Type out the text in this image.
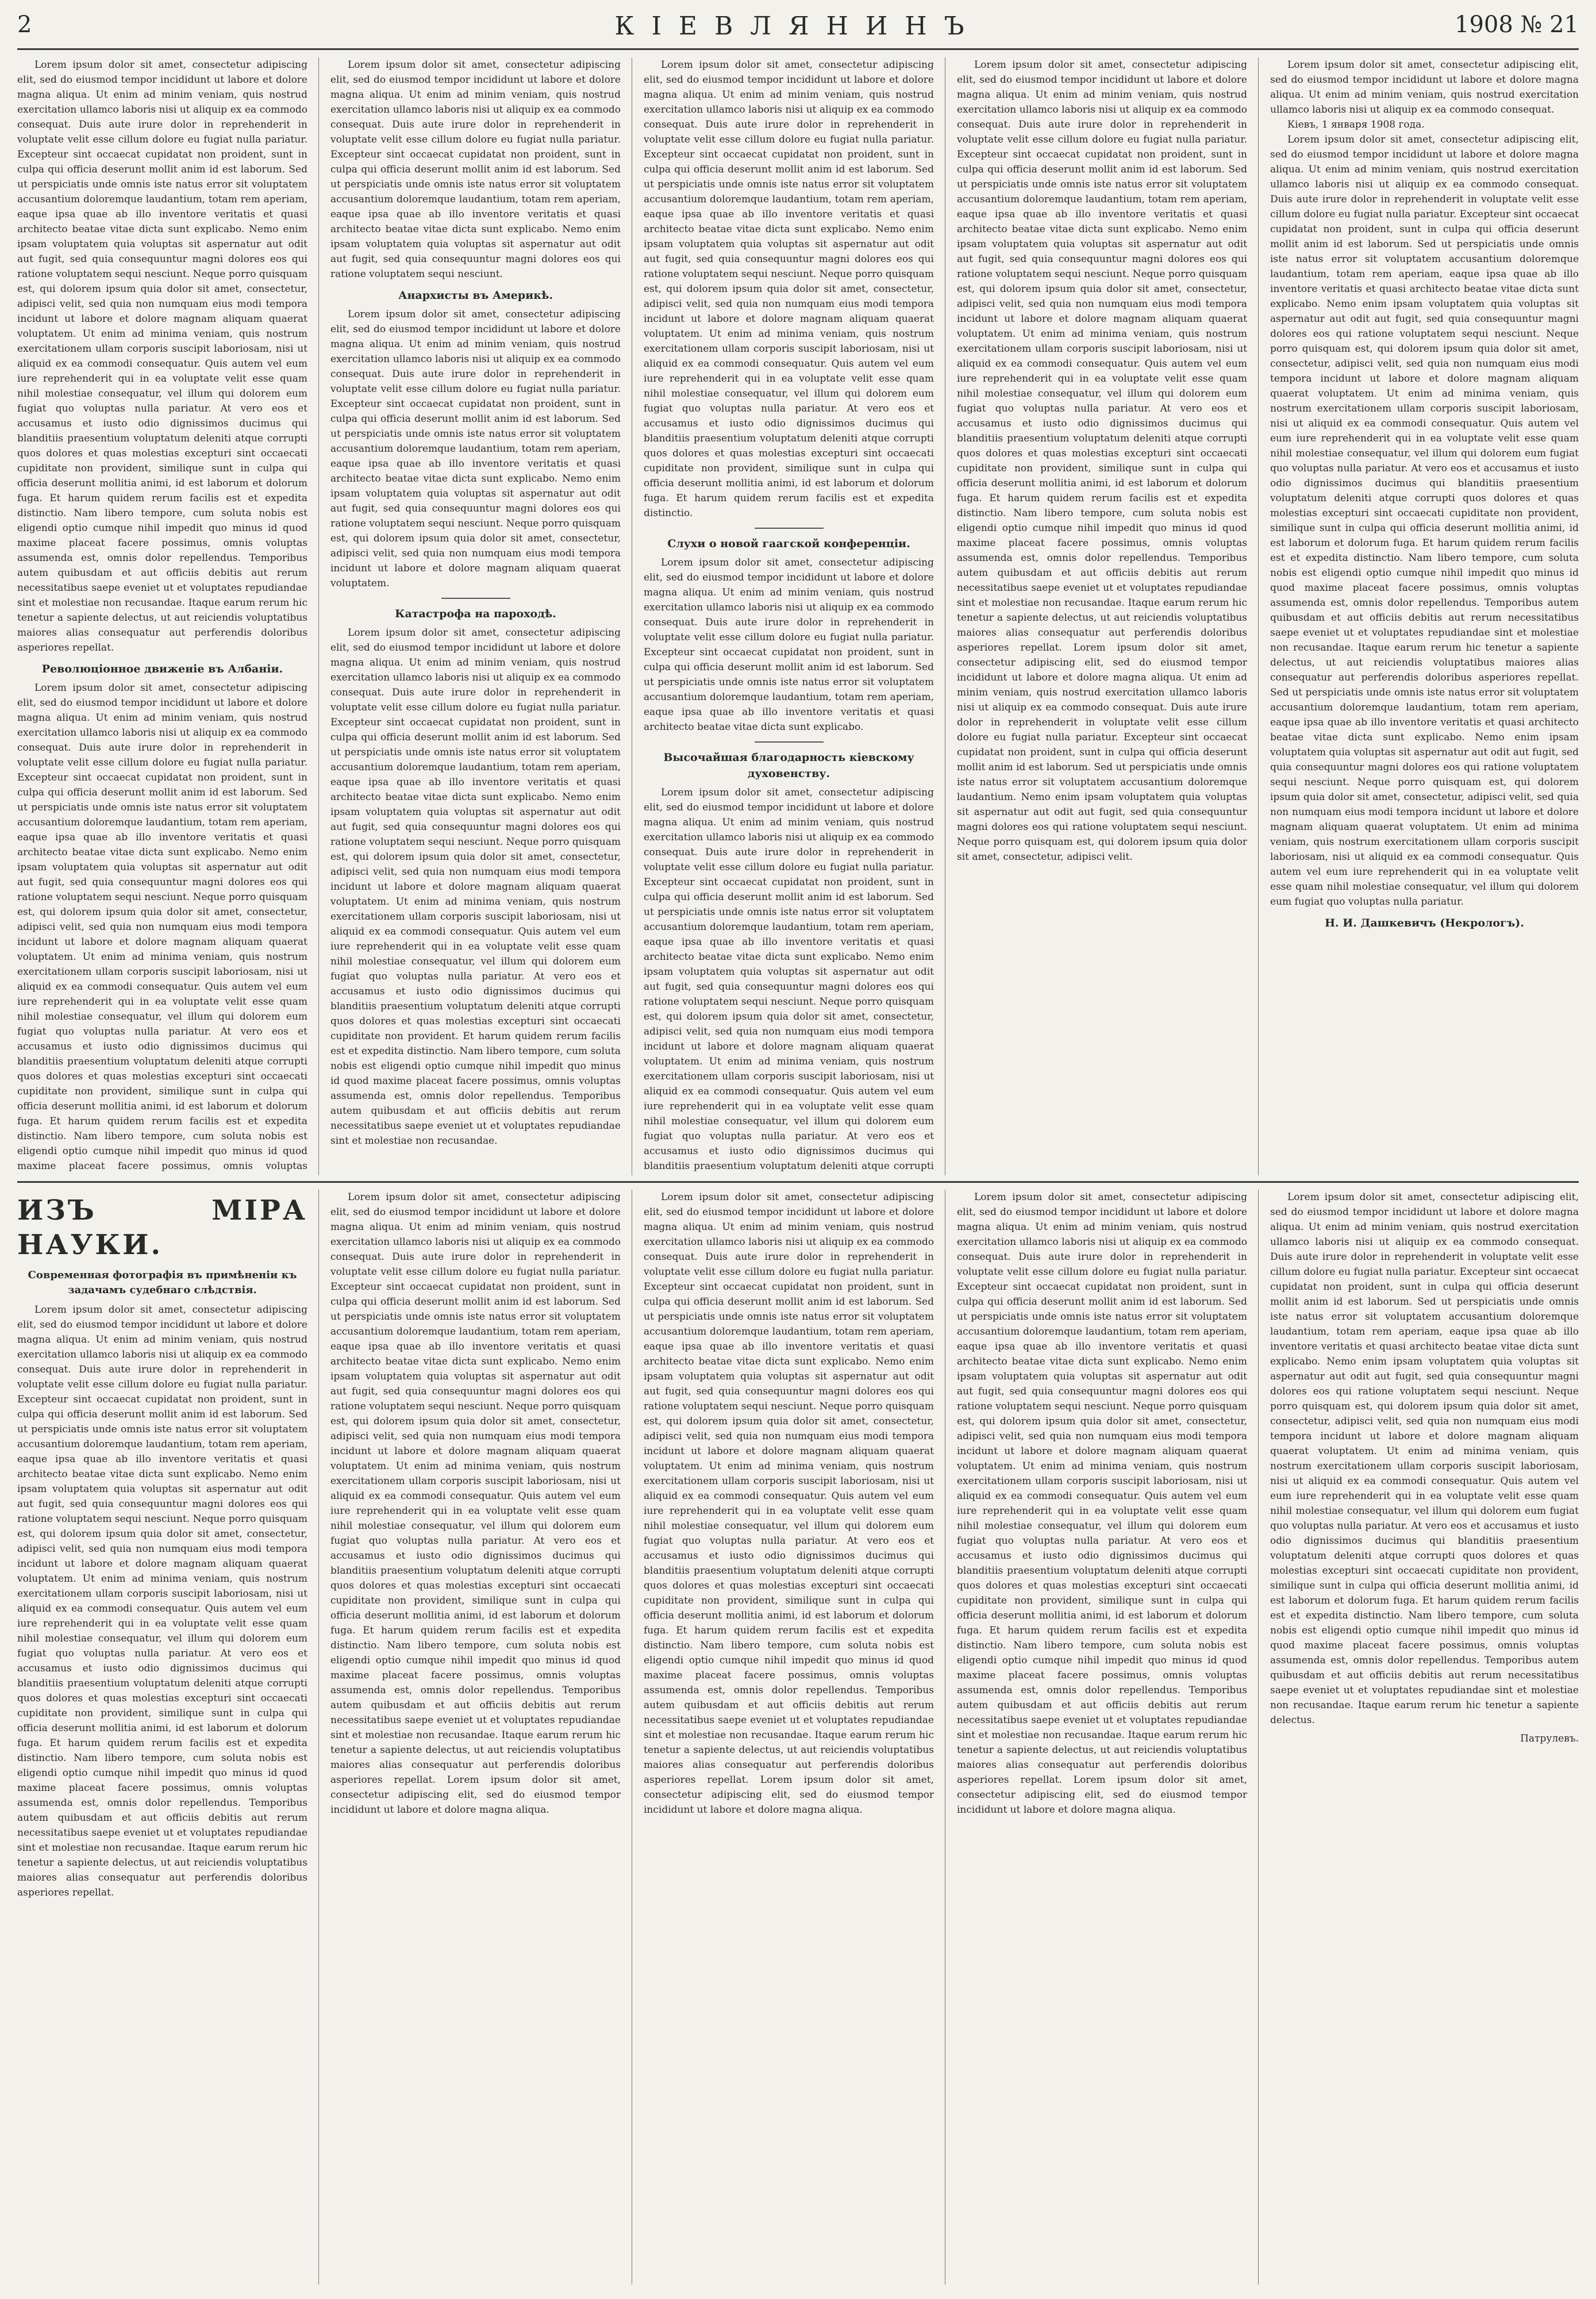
2	КІЕВЛЯНИНЪ	1908 № 21
Lorem ipsum dolor sit amet, consectetur adipiscing elit, sed do eiusmod tempor incididunt ut labore et dolore magna aliqua. Ut enim ad minim veniam, quis nostrud exercitation ullamco laboris nisi ut aliquip ex ea commodo consequat. Duis aute irure dolor in reprehenderit in voluptate velit esse cillum dolore eu fugiat nulla pariatur. Excepteur sint occaecat cupidatat non proident, sunt in culpa qui officia deserunt mollit anim id est laborum. Sed ut perspiciatis unde omnis iste natus error sit voluptatem accusantium doloremque laudantium, totam rem aperiam, eaque ipsa quae ab illo inventore veritatis et quasi architecto beatae vitae dicta sunt explicabo. Nemo enim ipsam voluptatem quia voluptas sit aspernatur aut odit aut fugit, sed quia consequuntur magni dolores eos qui ratione voluptatem sequi nesciunt. Neque porro quisquam est, qui dolorem ipsum quia dolor sit amet, consectetur, adipisci velit, sed quia non numquam eius modi tempora incidunt ut labore et dolore magnam aliquam quaerat voluptatem. Ut enim ad minima veniam, quis nostrum exercitationem ullam corporis suscipit laboriosam, nisi ut aliquid ex ea commodi consequatur. Quis autem vel eum iure reprehenderit qui in ea voluptate velit esse quam nihil molestiae consequatur, vel illum qui dolorem eum fugiat quo voluptas nulla pariatur. At vero eos et accusamus et iusto odio dignissimos ducimus qui blanditiis praesentium voluptatum deleniti atque corrupti quos dolores et quas molestias excepturi sint occaecati cupiditate non provident, similique sunt in culpa qui officia deserunt mollitia animi, id est laborum et dolorum fuga. Et harum quidem rerum facilis est et expedita distinctio. Nam libero tempore, cum soluta nobis est eligendi optio cumque nihil impedit quo minus id quod maxime placeat facere possimus, omnis voluptas assumenda est, omnis dolor repellendus. Temporibus autem quibusdam et aut officiis debitis aut rerum necessitatibus saepe eveniet ut et voluptates repudiandae sint et molestiae non recusandae. Itaque earum rerum hic tenetur a sapiente delectus, ut aut reiciendis voluptatibus maiores alias consequatur aut perferendis doloribus asperiores repellat.
Революціонное движеніе въ Албаніи.
Lorem ipsum dolor sit amet, consectetur adipiscing elit, sed do eiusmod tempor incididunt ut labore et dolore magna aliqua. Ut enim ad minim veniam, quis nostrud exercitation ullamco laboris nisi ut aliquip ex ea commodo consequat. Duis aute irure dolor in reprehenderit in voluptate velit esse cillum dolore eu fugiat nulla pariatur. Excepteur sint occaecat cupidatat non proident, sunt in culpa qui officia deserunt mollit anim id est laborum. Sed ut perspiciatis unde omnis iste natus error sit voluptatem accusantium doloremque laudantium, totam rem aperiam, eaque ipsa quae ab illo inventore veritatis et quasi architecto beatae vitae dicta sunt explicabo. Nemo enim ipsam voluptatem quia voluptas sit aspernatur aut odit aut fugit, sed quia consequuntur magni dolores eos qui ratione voluptatem sequi nesciunt. Neque porro quisquam est, qui dolorem ipsum quia dolor sit amet, consectetur, adipisci velit, sed quia non numquam eius modi tempora incidunt ut labore et dolore magnam aliquam quaerat voluptatem. Ut enim ad minima veniam, quis nostrum exercitationem ullam corporis suscipit laboriosam, nisi ut aliquid ex ea commodi consequatur. Quis autem vel eum iure reprehenderit qui in ea voluptate velit esse quam nihil molestiae consequatur, vel illum qui dolorem eum fugiat quo voluptas nulla pariatur. At vero eos et accusamus et iusto odio dignissimos ducimus qui blanditiis praesentium voluptatum deleniti atque corrupti quos dolores et quas molestias excepturi sint occaecati cupiditate non provident, similique sunt in culpa qui officia deserunt mollitia animi, id est laborum et dolorum fuga. Et harum quidem rerum facilis est et expedita distinctio. Nam libero tempore, cum soluta nobis est eligendi optio cumque nihil impedit quo minus id quod maxime placeat facere possimus, omnis voluptas
Lorem ipsum dolor sit amet, consectetur adipiscing elit, sed do eiusmod tempor incididunt ut labore et dolore magna aliqua. Ut enim ad minim veniam, quis nostrud exercitation ullamco laboris nisi ut aliquip ex ea commodo consequat. Duis aute irure dolor in reprehenderit in voluptate velit esse cillum dolore eu fugiat nulla pariatur. Excepteur sint occaecat cupidatat non proident, sunt in culpa qui officia deserunt mollit anim id est laborum. Sed ut perspiciatis unde omnis iste natus error sit voluptatem accusantium doloremque laudantium, totam rem aperiam, eaque ipsa quae ab illo inventore veritatis et quasi architecto beatae vitae dicta sunt explicabo. Nemo enim ipsam voluptatem quia voluptas sit aspernatur aut odit aut fugit, sed quia consequuntur magni dolores eos qui ratione voluptatem sequi nesciunt.
Анархисты въ Америкѣ.
Lorem ipsum dolor sit amet, consectetur adipiscing elit, sed do eiusmod tempor incididunt ut labore et dolore magna aliqua. Ut enim ad minim veniam, quis nostrud exercitation ullamco laboris nisi ut aliquip ex ea commodo consequat. Duis aute irure dolor in reprehenderit in voluptate velit esse cillum dolore eu fugiat nulla pariatur. Excepteur sint occaecat cupidatat non proident, sunt in culpa qui officia deserunt mollit anim id est laborum. Sed ut perspiciatis unde omnis iste natus error sit voluptatem accusantium doloremque laudantium, totam rem aperiam, eaque ipsa quae ab illo inventore veritatis et quasi architecto beatae vitae dicta sunt explicabo. Nemo enim ipsam voluptatem quia voluptas sit aspernatur aut odit aut fugit, sed quia consequuntur magni dolores eos qui ratione voluptatem sequi nesciunt. Neque porro quisquam est, qui dolorem ipsum quia dolor sit amet, consectetur, adipisci velit, sed quia non numquam eius modi tempora incidunt ut labore et dolore magnam aliquam quaerat voluptatem.
Катастрофа на пароходѣ.
Lorem ipsum dolor sit amet, consectetur adipiscing elit, sed do eiusmod tempor incididunt ut labore et dolore magna aliqua. Ut enim ad minim veniam, quis nostrud exercitation ullamco laboris nisi ut aliquip ex ea commodo consequat. Duis aute irure dolor in reprehenderit in voluptate velit esse cillum dolore eu fugiat nulla pariatur. Excepteur sint occaecat cupidatat non proident, sunt in culpa qui officia deserunt mollit anim id est laborum. Sed ut perspiciatis unde omnis iste natus error sit voluptatem accusantium doloremque laudantium, totam rem aperiam, eaque ipsa quae ab illo inventore veritatis et quasi architecto beatae vitae dicta sunt explicabo. Nemo enim ipsam voluptatem quia voluptas sit aspernatur aut odit aut fugit, sed quia consequuntur magni dolores eos qui ratione voluptatem sequi nesciunt. Neque porro quisquam est, qui dolorem ipsum quia dolor sit amet, consectetur, adipisci velit, sed quia non numquam eius modi tempora incidunt ut labore et dolore magnam aliquam quaerat voluptatem. Ut enim ad minima veniam, quis nostrum exercitationem ullam corporis suscipit laboriosam, nisi ut aliquid ex ea commodi consequatur. Quis autem vel eum iure reprehenderit qui in ea voluptate velit esse quam nihil molestiae consequatur, vel illum qui dolorem eum fugiat quo voluptas nulla pariatur. At vero eos et accusamus et iusto odio dignissimos ducimus qui blanditiis praesentium voluptatum deleniti atque corrupti quos dolores et quas molestias excepturi sint occaecati cupiditate non provident. Et harum quidem rerum facilis est et expedita distinctio. Nam libero tempore, cum soluta nobis est eligendi optio cumque nihil impedit quo minus id quod maxime placeat facere possimus, omnis voluptas assumenda est, omnis dolor repellendus. Temporibus autem quibusdam et aut officiis debitis aut rerum necessitatibus saepe eveniet ut et voluptates repudiandae sint et molestiae non recusandae.
Lorem ipsum dolor sit amet, consectetur adipiscing elit, sed do eiusmod tempor incididunt ut labore et dolore magna aliqua. Ut enim ad minim veniam, quis nostrud exercitation ullamco laboris nisi ut aliquip ex ea commodo consequat. Duis aute irure dolor in reprehenderit in voluptate velit esse cillum dolore eu fugiat nulla pariatur. Excepteur sint occaecat cupidatat non proident, sunt in culpa qui officia deserunt mollit anim id est laborum. Sed ut perspiciatis unde omnis iste natus error sit voluptatem accusantium doloremque laudantium, totam rem aperiam, eaque ipsa quae ab illo inventore veritatis et quasi architecto beatae vitae dicta sunt explicabo. Nemo enim ipsam voluptatem quia voluptas sit aspernatur aut odit aut fugit, sed quia consequuntur magni dolores eos qui ratione voluptatem sequi nesciunt. Neque porro quisquam est, qui dolorem ipsum quia dolor sit amet, consectetur, adipisci velit, sed quia non numquam eius modi tempora incidunt ut labore et dolore magnam aliquam quaerat voluptatem. Ut enim ad minima veniam, quis nostrum exercitationem ullam corporis suscipit laboriosam, nisi ut aliquid ex ea commodi consequatur. Quis autem vel eum iure reprehenderit qui in ea voluptate velit esse quam nihil molestiae consequatur, vel illum qui dolorem eum fugiat quo voluptas nulla pariatur. At vero eos et accusamus et iusto odio dignissimos ducimus qui blanditiis praesentium voluptatum deleniti atque corrupti quos dolores et quas molestias excepturi sint occaecati cupiditate non provident, similique sunt in culpa qui officia deserunt mollitia animi, id est laborum et dolorum fuga. Et harum quidem rerum facilis est et expedita distinctio.
Слухи о новой гаагской конференціи.
Lorem ipsum dolor sit amet, consectetur adipiscing elit, sed do eiusmod tempor incididunt ut labore et dolore magna aliqua. Ut enim ad minim veniam, quis nostrud exercitation ullamco laboris nisi ut aliquip ex ea commodo consequat. Duis aute irure dolor in reprehenderit in voluptate velit esse cillum dolore eu fugiat nulla pariatur. Excepteur sint occaecat cupidatat non proident, sunt in culpa qui officia deserunt mollit anim id est laborum. Sed ut perspiciatis unde omnis iste natus error sit voluptatem accusantium doloremque laudantium, totam rem aperiam, eaque ipsa quae ab illo inventore veritatis et quasi architecto beatae vitae dicta sunt explicabo.
Высочайшая благодарность кіевскому духовенству.
Lorem ipsum dolor sit amet, consectetur adipiscing elit, sed do eiusmod tempor incididunt ut labore et dolore magna aliqua. Ut enim ad minim veniam, quis nostrud exercitation ullamco laboris nisi ut aliquip ex ea commodo consequat. Duis aute irure dolor in reprehenderit in voluptate velit esse cillum dolore eu fugiat nulla pariatur. Excepteur sint occaecat cupidatat non proident, sunt in culpa qui officia deserunt mollit anim id est laborum. Sed ut perspiciatis unde omnis iste natus error sit voluptatem accusantium doloremque laudantium, totam rem aperiam, eaque ipsa quae ab illo inventore veritatis et quasi architecto beatae vitae dicta sunt explicabo. Nemo enim ipsam voluptatem quia voluptas sit aspernatur aut odit aut fugit, sed quia consequuntur magni dolores eos qui ratione voluptatem sequi nesciunt. Neque porro quisquam est, qui dolorem ipsum quia dolor sit amet, consectetur, adipisci velit, sed quia non numquam eius modi tempora incidunt ut labore et dolore magnam aliquam quaerat voluptatem. Ut enim ad minima veniam, quis nostrum exercitationem ullam corporis suscipit laboriosam, nisi ut aliquid ex ea commodi consequatur. Quis autem vel eum iure reprehenderit qui in ea voluptate velit esse quam nihil molestiae consequatur, vel illum qui dolorem eum fugiat quo voluptas nulla pariatur. At vero eos et accusamus et iusto odio dignissimos ducimus qui blanditiis praesentium voluptatum deleniti atque corrupti
Lorem ipsum dolor sit amet, consectetur adipiscing elit, sed do eiusmod tempor incididunt ut labore et dolore magna aliqua. Ut enim ad minim veniam, quis nostrud exercitation ullamco laboris nisi ut aliquip ex ea commodo consequat. Duis aute irure dolor in reprehenderit in voluptate velit esse cillum dolore eu fugiat nulla pariatur. Excepteur sint occaecat cupidatat non proident, sunt in culpa qui officia deserunt mollit anim id est laborum. Sed ut perspiciatis unde omnis iste natus error sit voluptatem accusantium doloremque laudantium, totam rem aperiam, eaque ipsa quae ab illo inventore veritatis et quasi architecto beatae vitae dicta sunt explicabo. Nemo enim ipsam voluptatem quia voluptas sit aspernatur aut odit aut fugit, sed quia consequuntur magni dolores eos qui ratione voluptatem sequi nesciunt. Neque porro quisquam est, qui dolorem ipsum quia dolor sit amet, consectetur, adipisci velit, sed quia non numquam eius modi tempora incidunt ut labore et dolore magnam aliquam quaerat voluptatem. Ut enim ad minima veniam, quis nostrum exercitationem ullam corporis suscipit laboriosam, nisi ut aliquid ex ea commodi consequatur. Quis autem vel eum iure reprehenderit qui in ea voluptate velit esse quam nihil molestiae consequatur, vel illum qui dolorem eum fugiat quo voluptas nulla pariatur. At vero eos et accusamus et iusto odio dignissimos ducimus qui blanditiis praesentium voluptatum deleniti atque corrupti quos dolores et quas molestias excepturi sint occaecati cupiditate non provident, similique sunt in culpa qui officia deserunt mollitia animi, id est laborum et dolorum fuga. Et harum quidem rerum facilis est et expedita distinctio. Nam libero tempore, cum soluta nobis est eligendi optio cumque nihil impedit quo minus id quod maxime placeat facere possimus, omnis voluptas assumenda est, omnis dolor repellendus. Temporibus autem quibusdam et aut officiis debitis aut rerum necessitatibus saepe eveniet ut et voluptates repudiandae sint et molestiae non recusandae. Itaque earum rerum hic tenetur a sapiente delectus, ut aut reiciendis voluptatibus maiores alias consequatur aut perferendis doloribus asperiores repellat. Lorem ipsum dolor sit amet, consectetur adipiscing elit, sed do eiusmod tempor incididunt ut labore et dolore magna aliqua. Ut enim ad minim veniam, quis nostrud exercitation ullamco laboris nisi ut aliquip ex ea commodo consequat. Duis aute irure dolor in reprehenderit in voluptate velit esse cillum dolore eu fugiat nulla pariatur. Excepteur sint occaecat cupidatat non proident, sunt in culpa qui officia deserunt mollit anim id est laborum. Sed ut perspiciatis unde omnis iste natus error sit voluptatem accusantium doloremque laudantium. Nemo enim ipsam voluptatem quia voluptas sit aspernatur aut odit aut fugit, sed quia consequuntur magni dolores eos qui ratione voluptatem sequi nesciunt. Neque porro quisquam est, qui dolorem ipsum quia dolor sit amet, consectetur, adipisci velit.
Lorem ipsum dolor sit amet, consectetur adipiscing elit, sed do eiusmod tempor incididunt ut labore et dolore magna aliqua. Ut enim ad minim veniam, quis nostrud exercitation ullamco laboris nisi ut aliquip ex ea commodo consequat.
Кіевъ, 1 января 1908 года.
Lorem ipsum dolor sit amet, consectetur adipiscing elit, sed do eiusmod tempor incididunt ut labore et dolore magna aliqua. Ut enim ad minim veniam, quis nostrud exercitation ullamco laboris nisi ut aliquip ex ea commodo consequat. Duis aute irure dolor in reprehenderit in voluptate velit esse cillum dolore eu fugiat nulla pariatur. Excepteur sint occaecat cupidatat non proident, sunt in culpa qui officia deserunt mollit anim id est laborum. Sed ut perspiciatis unde omnis iste natus error sit voluptatem accusantium doloremque laudantium, totam rem aperiam, eaque ipsa quae ab illo inventore veritatis et quasi architecto beatae vitae dicta sunt explicabo. Nemo enim ipsam voluptatem quia voluptas sit aspernatur aut odit aut fugit, sed quia consequuntur magni dolores eos qui ratione voluptatem sequi nesciunt. Neque porro quisquam est, qui dolorem ipsum quia dolor sit amet, consectetur, adipisci velit, sed quia non numquam eius modi tempora incidunt ut labore et dolore magnam aliquam quaerat voluptatem. Ut enim ad minima veniam, quis nostrum exercitationem ullam corporis suscipit laboriosam, nisi ut aliquid ex ea commodi consequatur. Quis autem vel eum iure reprehenderit qui in ea voluptate velit esse quam nihil molestiae consequatur, vel illum qui dolorem eum fugiat quo voluptas nulla pariatur. At vero eos et accusamus et iusto odio dignissimos ducimus qui blanditiis praesentium voluptatum deleniti atque corrupti quos dolores et quas molestias excepturi sint occaecati cupiditate non provident, similique sunt in culpa qui officia deserunt mollitia animi, id est laborum et dolorum fuga. Et harum quidem rerum facilis est et expedita distinctio. Nam libero tempore, cum soluta nobis est eligendi optio cumque nihil impedit quo minus id quod maxime placeat facere possimus, omnis voluptas assumenda est, omnis dolor repellendus. Temporibus autem quibusdam et aut officiis debitis aut rerum necessitatibus saepe eveniet ut et voluptates repudiandae sint et molestiae non recusandae. Itaque earum rerum hic tenetur a sapiente delectus, ut aut reiciendis voluptatibus maiores alias consequatur aut perferendis doloribus asperiores repellat. Sed ut perspiciatis unde omnis iste natus error sit voluptatem accusantium doloremque laudantium, totam rem aperiam, eaque ipsa quae ab illo inventore veritatis et quasi architecto beatae vitae dicta sunt explicabo. Nemo enim ipsam voluptatem quia voluptas sit aspernatur aut odit aut fugit, sed quia consequuntur magni dolores eos qui ratione voluptatem sequi nesciunt. Neque porro quisquam est, qui dolorem ipsum quia dolor sit amet, consectetur, adipisci velit, sed quia non numquam eius modi tempora incidunt ut labore et dolore magnam aliquam quaerat voluptatem. Ut enim ad minima veniam, quis nostrum exercitationem ullam corporis suscipit laboriosam, nisi ut aliquid ex ea commodi consequatur. Quis autem vel eum iure reprehenderit qui in ea voluptate velit esse quam nihil molestiae consequatur, vel illum qui dolorem eum fugiat quo voluptas nulla pariatur.
Н. И. Дашкевичъ (Некрологъ).
ИЗЪ МІРА НАУКИ.
Современная фотографія въ примѣненіи къ задачамъ судебнаго слѣдствія.
Lorem ipsum dolor sit amet, consectetur adipiscing elit, sed do eiusmod tempor incididunt ut labore et dolore magna aliqua. Ut enim ad minim veniam, quis nostrud exercitation ullamco laboris nisi ut aliquip ex ea commodo consequat. Duis aute irure dolor in reprehenderit in voluptate velit esse cillum dolore eu fugiat nulla pariatur. Excepteur sint occaecat cupidatat non proident, sunt in culpa qui officia deserunt mollit anim id est laborum. Sed ut perspiciatis unde omnis iste natus error sit voluptatem accusantium doloremque laudantium, totam rem aperiam, eaque ipsa quae ab illo inventore veritatis et quasi architecto beatae vitae dicta sunt explicabo. Nemo enim ipsam voluptatem quia voluptas sit aspernatur aut odit aut fugit, sed quia consequuntur magni dolores eos qui ratione voluptatem sequi nesciunt. Neque porro quisquam est, qui dolorem ipsum quia dolor sit amet, consectetur, adipisci velit, sed quia non numquam eius modi tempora incidunt ut labore et dolore magnam aliquam quaerat voluptatem. Ut enim ad minima veniam, quis nostrum exercitationem ullam corporis suscipit laboriosam, nisi ut aliquid ex ea commodi consequatur. Quis autem vel eum iure reprehenderit qui in ea voluptate velit esse quam nihil molestiae consequatur, vel illum qui dolorem eum fugiat quo voluptas nulla pariatur. At vero eos et accusamus et iusto odio dignissimos ducimus qui blanditiis praesentium voluptatum deleniti atque corrupti quos dolores et quas molestias excepturi sint occaecati cupiditate non provident, similique sunt in culpa qui officia deserunt mollitia animi, id est laborum et dolorum fuga. Et harum quidem rerum facilis est et expedita distinctio. Nam libero tempore, cum soluta nobis est eligendi optio cumque nihil impedit quo minus id quod maxime placeat facere possimus, omnis voluptas assumenda est, omnis dolor repellendus. Temporibus autem quibusdam et aut officiis debitis aut rerum necessitatibus saepe eveniet ut et voluptates repudiandae sint et molestiae non recusandae. Itaque earum rerum hic tenetur a sapiente delectus, ut aut reiciendis voluptatibus maiores alias consequatur aut perferendis doloribus asperiores repellat.
Lorem ipsum dolor sit amet, consectetur adipiscing elit, sed do eiusmod tempor incididunt ut labore et dolore magna aliqua. Ut enim ad minim veniam, quis nostrud exercitation ullamco laboris nisi ut aliquip ex ea commodo consequat. Duis aute irure dolor in reprehenderit in voluptate velit esse cillum dolore eu fugiat nulla pariatur. Excepteur sint occaecat cupidatat non proident, sunt in culpa qui officia deserunt mollit anim id est laborum. Sed ut perspiciatis unde omnis iste natus error sit voluptatem accusantium doloremque laudantium, totam rem aperiam, eaque ipsa quae ab illo inventore veritatis et quasi architecto beatae vitae dicta sunt explicabo. Nemo enim ipsam voluptatem quia voluptas sit aspernatur aut odit aut fugit, sed quia consequuntur magni dolores eos qui ratione voluptatem sequi nesciunt. Neque porro quisquam est, qui dolorem ipsum quia dolor sit amet, consectetur, adipisci velit, sed quia non numquam eius modi tempora incidunt ut labore et dolore magnam aliquam quaerat voluptatem. Ut enim ad minima veniam, quis nostrum exercitationem ullam corporis suscipit laboriosam, nisi ut aliquid ex ea commodi consequatur. Quis autem vel eum iure reprehenderit qui in ea voluptate velit esse quam nihil molestiae consequatur, vel illum qui dolorem eum fugiat quo voluptas nulla pariatur. At vero eos et accusamus et iusto odio dignissimos ducimus qui blanditiis praesentium voluptatum deleniti atque corrupti quos dolores et quas molestias excepturi sint occaecati cupiditate non provident, similique sunt in culpa qui officia deserunt mollitia animi, id est laborum et dolorum fuga. Et harum quidem rerum facilis est et expedita distinctio. Nam libero tempore, cum soluta nobis est eligendi optio cumque nihil impedit quo minus id quod maxime placeat facere possimus, omnis voluptas assumenda est, omnis dolor repellendus. Temporibus autem quibusdam et aut officiis debitis aut rerum necessitatibus saepe eveniet ut et voluptates repudiandae sint et molestiae non recusandae. Itaque earum rerum hic tenetur a sapiente delectus, ut aut reiciendis voluptatibus maiores alias consequatur aut perferendis doloribus asperiores repellat. Lorem ipsum dolor sit amet, consectetur adipiscing elit, sed do eiusmod tempor incididunt ut labore et dolore magna aliqua.
Lorem ipsum dolor sit amet, consectetur adipiscing elit, sed do eiusmod tempor incididunt ut labore et dolore magna aliqua. Ut enim ad minim veniam, quis nostrud exercitation ullamco laboris nisi ut aliquip ex ea commodo consequat. Duis aute irure dolor in reprehenderit in voluptate velit esse cillum dolore eu fugiat nulla pariatur. Excepteur sint occaecat cupidatat non proident, sunt in culpa qui officia deserunt mollit anim id est laborum. Sed ut perspiciatis unde omnis iste natus error sit voluptatem accusantium doloremque laudantium, totam rem aperiam, eaque ipsa quae ab illo inventore veritatis et quasi architecto beatae vitae dicta sunt explicabo. Nemo enim ipsam voluptatem quia voluptas sit aspernatur aut odit aut fugit, sed quia consequuntur magni dolores eos qui ratione voluptatem sequi nesciunt. Neque porro quisquam est, qui dolorem ipsum quia dolor sit amet, consectetur, adipisci velit, sed quia non numquam eius modi tempora incidunt ut labore et dolore magnam aliquam quaerat voluptatem. Ut enim ad minima veniam, quis nostrum exercitationem ullam corporis suscipit laboriosam, nisi ut aliquid ex ea commodi consequatur. Quis autem vel eum iure reprehenderit qui in ea voluptate velit esse quam nihil molestiae consequatur, vel illum qui dolorem eum fugiat quo voluptas nulla pariatur. At vero eos et accusamus et iusto odio dignissimos ducimus qui blanditiis praesentium voluptatum deleniti atque corrupti quos dolores et quas molestias excepturi sint occaecati cupiditate non provident, similique sunt in culpa qui officia deserunt mollitia animi, id est laborum et dolorum fuga. Et harum quidem rerum facilis est et expedita distinctio. Nam libero tempore, cum soluta nobis est eligendi optio cumque nihil impedit quo minus id quod maxime placeat facere possimus, omnis voluptas assumenda est, omnis dolor repellendus. Temporibus autem quibusdam et aut officiis debitis aut rerum necessitatibus saepe eveniet ut et voluptates repudiandae sint et molestiae non recusandae. Itaque earum rerum hic tenetur a sapiente delectus, ut aut reiciendis voluptatibus maiores alias consequatur aut perferendis doloribus asperiores repellat. Lorem ipsum dolor sit amet, consectetur adipiscing elit, sed do eiusmod tempor incididunt ut labore et dolore magna aliqua.
Lorem ipsum dolor sit amet, consectetur adipiscing elit, sed do eiusmod tempor incididunt ut labore et dolore magna aliqua. Ut enim ad minim veniam, quis nostrud exercitation ullamco laboris nisi ut aliquip ex ea commodo consequat. Duis aute irure dolor in reprehenderit in voluptate velit esse cillum dolore eu fugiat nulla pariatur. Excepteur sint occaecat cupidatat non proident, sunt in culpa qui officia deserunt mollit anim id est laborum. Sed ut perspiciatis unde omnis iste natus error sit voluptatem accusantium doloremque laudantium, totam rem aperiam, eaque ipsa quae ab illo inventore veritatis et quasi architecto beatae vitae dicta sunt explicabo. Nemo enim ipsam voluptatem quia voluptas sit aspernatur aut odit aut fugit, sed quia consequuntur magni dolores eos qui ratione voluptatem sequi nesciunt. Neque porro quisquam est, qui dolorem ipsum quia dolor sit amet, consectetur, adipisci velit, sed quia non numquam eius modi tempora incidunt ut labore et dolore magnam aliquam quaerat voluptatem. Ut enim ad minima veniam, quis nostrum exercitationem ullam corporis suscipit laboriosam, nisi ut aliquid ex ea commodi consequatur. Quis autem vel eum iure reprehenderit qui in ea voluptate velit esse quam nihil molestiae consequatur, vel illum qui dolorem eum fugiat quo voluptas nulla pariatur. At vero eos et accusamus et iusto odio dignissimos ducimus qui blanditiis praesentium voluptatum deleniti atque corrupti quos dolores et quas molestias excepturi sint occaecati cupiditate non provident, similique sunt in culpa qui officia deserunt mollitia animi, id est laborum et dolorum fuga. Et harum quidem rerum facilis est et expedita distinctio. Nam libero tempore, cum soluta nobis est eligendi optio cumque nihil impedit quo minus id quod maxime placeat facere possimus, omnis voluptas assumenda est, omnis dolor repellendus. Temporibus autem quibusdam et aut officiis debitis aut rerum necessitatibus saepe eveniet ut et voluptates repudiandae sint et molestiae non recusandae. Itaque earum rerum hic tenetur a sapiente delectus, ut aut reiciendis voluptatibus maiores alias consequatur aut perferendis doloribus asperiores repellat. Lorem ipsum dolor sit amet, consectetur adipiscing elit, sed do eiusmod tempor incididunt ut labore et dolore magna aliqua.
Lorem ipsum dolor sit amet, consectetur adipiscing elit, sed do eiusmod tempor incididunt ut labore et dolore magna aliqua. Ut enim ad minim veniam, quis nostrud exercitation ullamco laboris nisi ut aliquip ex ea commodo consequat. Duis aute irure dolor in reprehenderit in voluptate velit esse cillum dolore eu fugiat nulla pariatur. Excepteur sint occaecat cupidatat non proident, sunt in culpa qui officia deserunt mollit anim id est laborum. Sed ut perspiciatis unde omnis iste natus error sit voluptatem accusantium doloremque laudantium, totam rem aperiam, eaque ipsa quae ab illo inventore veritatis et quasi architecto beatae vitae dicta sunt explicabo. Nemo enim ipsam voluptatem quia voluptas sit aspernatur aut odit aut fugit, sed quia consequuntur magni dolores eos qui ratione voluptatem sequi nesciunt. Neque porro quisquam est, qui dolorem ipsum quia dolor sit amet, consectetur, adipisci velit, sed quia non numquam eius modi tempora incidunt ut labore et dolore magnam aliquam quaerat voluptatem. Ut enim ad minima veniam, quis nostrum exercitationem ullam corporis suscipit laboriosam, nisi ut aliquid ex ea commodi consequatur. Quis autem vel eum iure reprehenderit qui in ea voluptate velit esse quam nihil molestiae consequatur, vel illum qui dolorem eum fugiat quo voluptas nulla pariatur. At vero eos et accusamus et iusto odio dignissimos ducimus qui blanditiis praesentium voluptatum deleniti atque corrupti quos dolores et quas molestias excepturi sint occaecati cupiditate non provident, similique sunt in culpa qui officia deserunt mollitia animi, id est laborum et dolorum fuga. Et harum quidem rerum facilis est et expedita distinctio. Nam libero tempore, cum soluta nobis est eligendi optio cumque nihil impedit quo minus id quod maxime placeat facere possimus, omnis voluptas assumenda est, omnis dolor repellendus. Temporibus autem quibusdam et aut officiis debitis aut rerum necessitatibus saepe eveniet ut et voluptates repudiandae sint et molestiae non recusandae. Itaque earum rerum hic tenetur a sapiente delectus.
Патрулевъ.
